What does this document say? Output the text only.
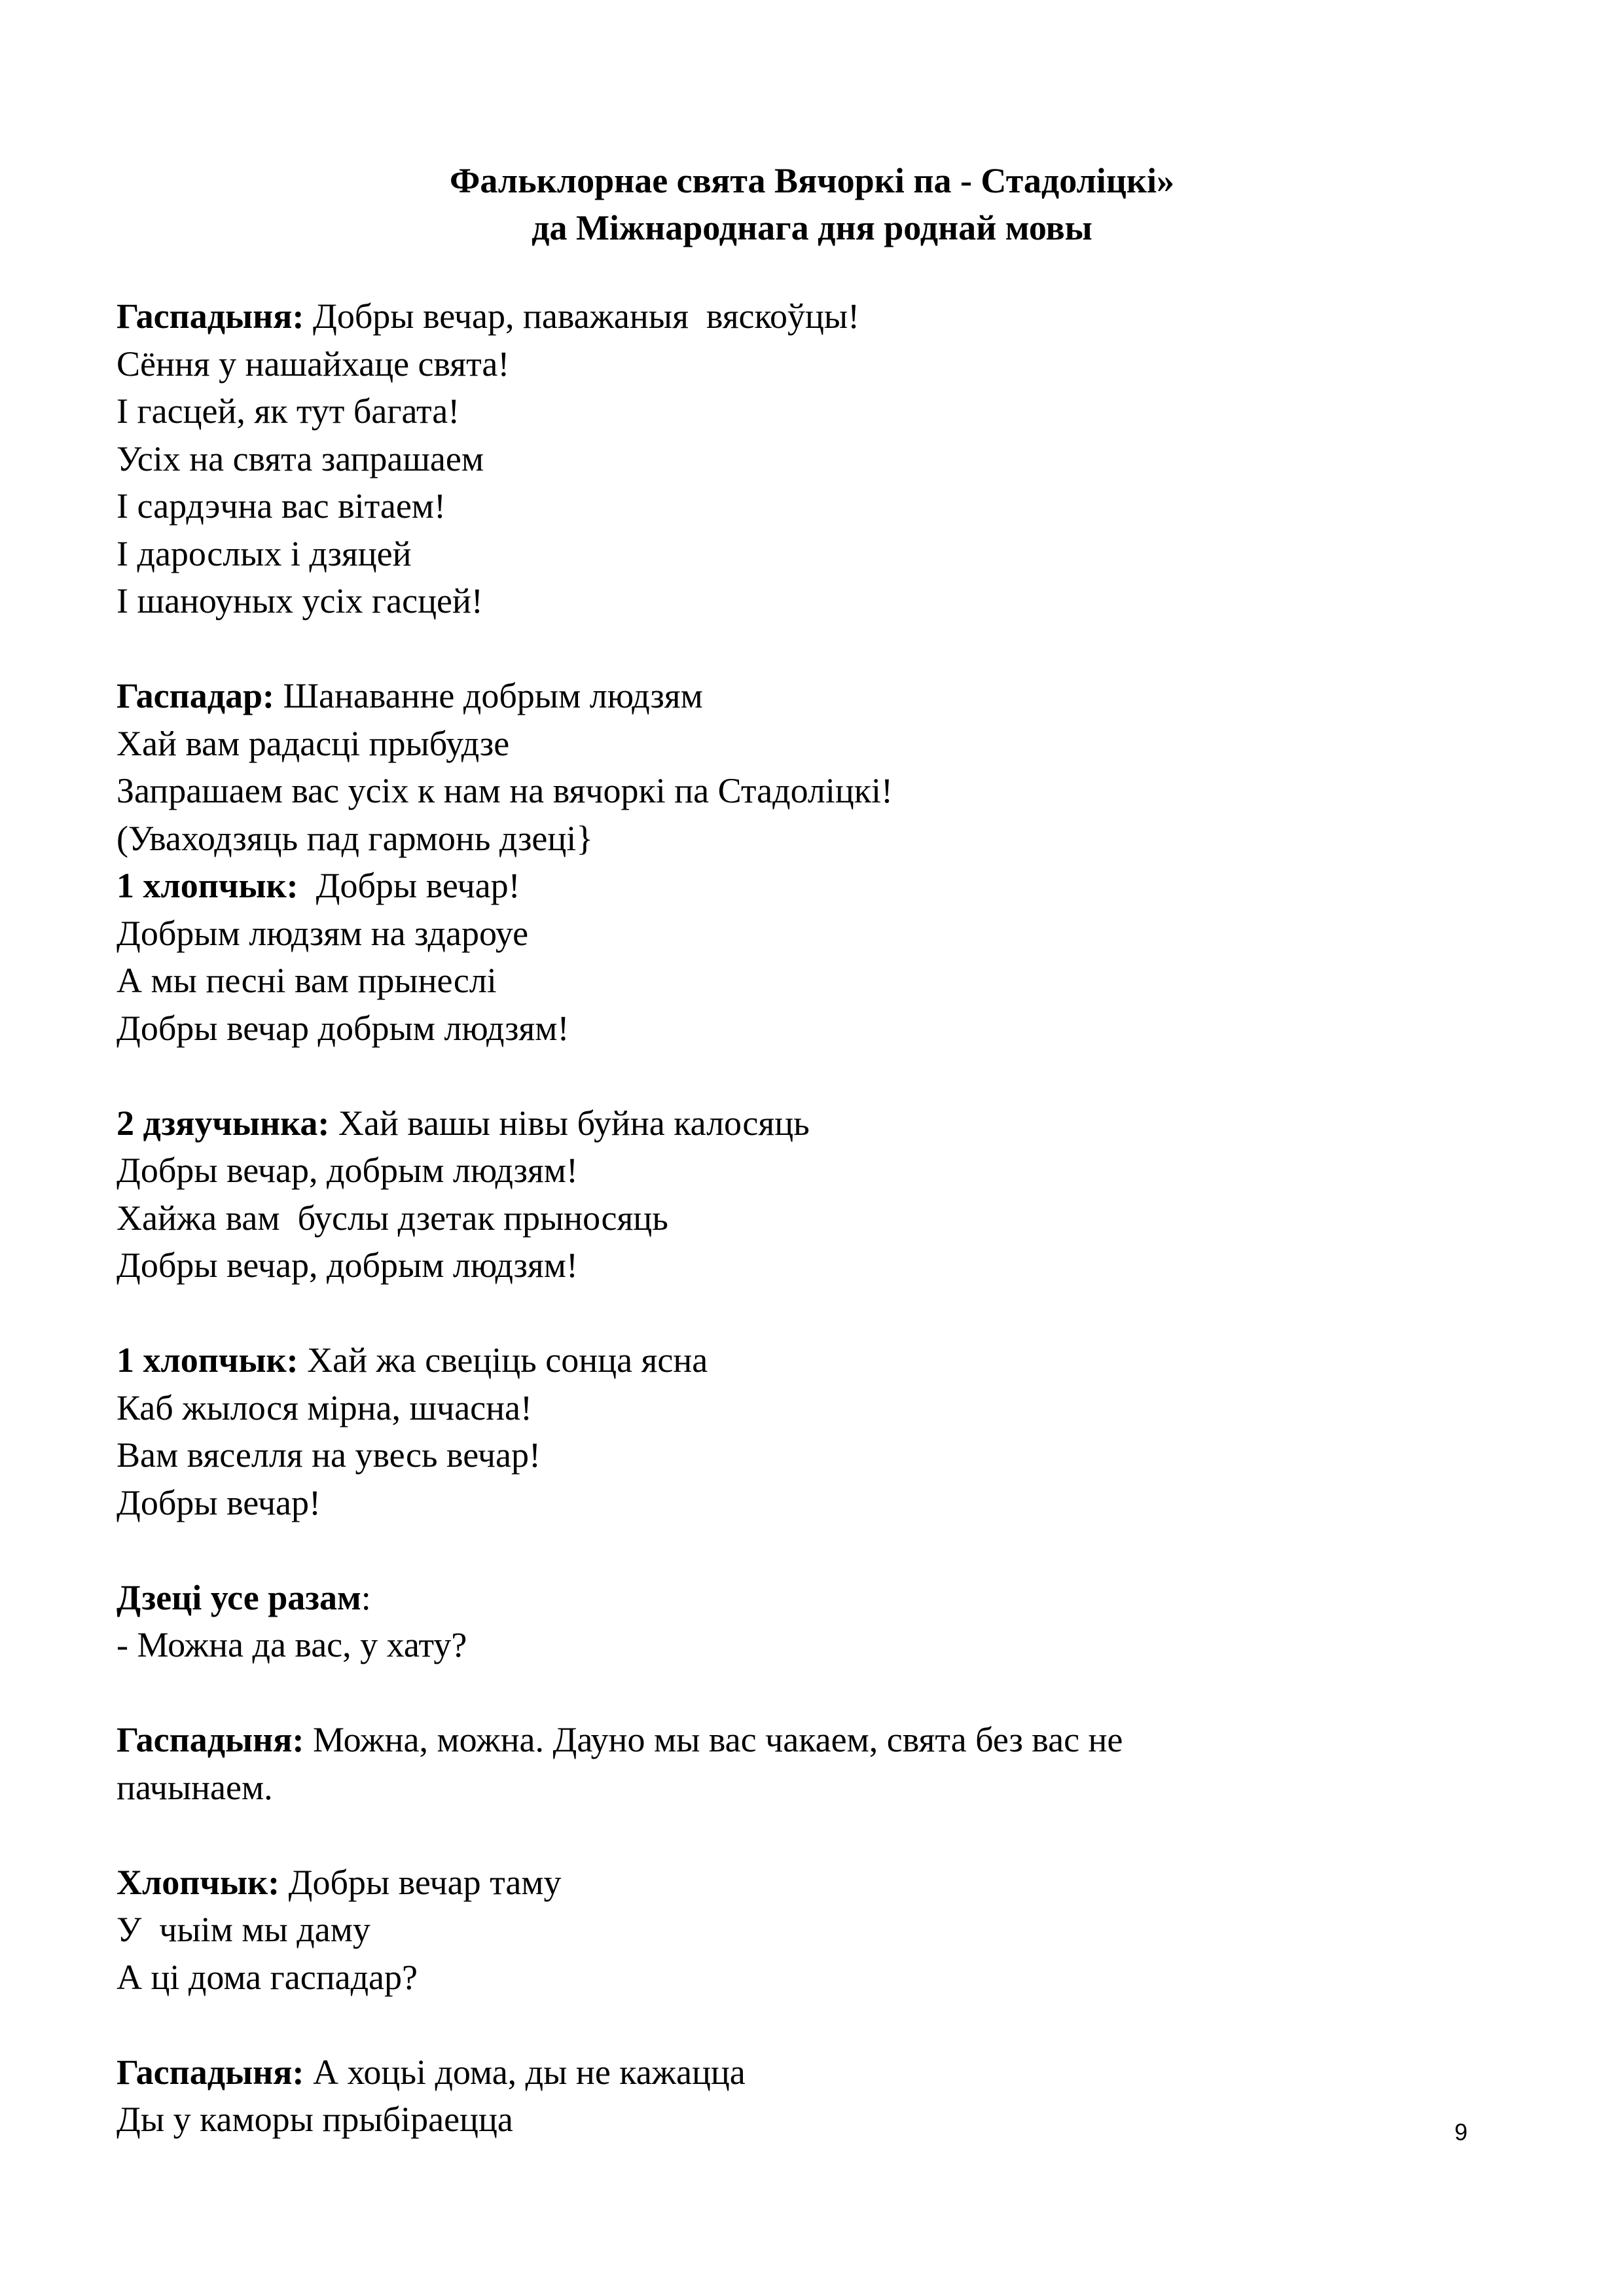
Фальклорнае свята Вячоркі па - Стадоліцкі»
да Міжнароднага дня роднай мовы
Гаспадыня: Добры вечар, паважаныя  вяскоўцы!
Сёння у нашайхаце свята!
І гасцей, як тут багата!
Усіх на свята запрашаем
І сардэчна вас вітаем!
І дарослых і дзяцей
І шаноуных усіх гасцей!
Гаспадар: Шанаванне добрым людзям
Хай вам радасці прыбудзе
Запрашаем вас усіх к нам на вячоркі па Стадоліцкі!
(Уваходзяць пад гармонь дзеці}
1 хлопчык:  Добры вечар!
Добрым людзям на здароуе
А мы песні вам прынеслі
Добры вечар добрым людзям!
2 дзяучынка: Хай вашы нівы буйна калосяць
Добры вечар, добрым людзям!
Хайжа вам  буслы дзетак прыносяць
Добры вечар, добрым людзям!
1 хлопчык: Хай жа свеціць сонца ясна
Каб жылося мірна, шчасна!
Вам вяселля на увесь вечар!
Добры вечар!
Дзеці усе разам:
- Можна да вас, у хату?
Гаспадыня: Можна, можна. Дауно мы вас чакаем, свята без вас не
пачынаем.
Хлопчык: Добры вечар таму
У  чыім мы даму
А ці дома гаспадар?
Гаспадыня: А хоцьі дома, ды не кажацца
Ды у каморы прыбіраецца	9
